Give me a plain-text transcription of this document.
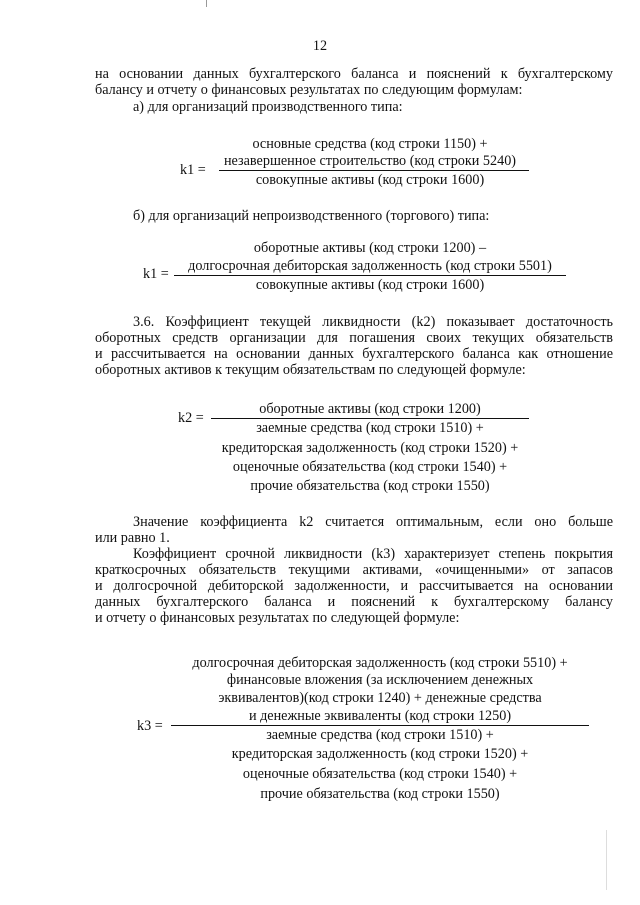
12
на основании данных бухгалтерского баланса и пояснений к бухгалтерскому
балансу и отчету о финансовых результатах по следующим формулам:
а) для организаций производственного типа:
k1 =
основные средства (код строки 1150) +
незавершенное строительство (код строки 5240)
совокупные активы (код строки 1600)
б) для организаций непроизводственного (торгового) типа:
k1 =
оборотные активы (код строки 1200) –
долгосрочная дебиторская задолженность (код строки 5501)
совокупные активы (код строки 1600)
3.6. Коэффициент текущей ликвидности (k2) показывает достаточность
оборотных средств организации для погашения своих текущих обязательств
и рассчитывается на основании данных бухгалтерского баланса как отношение
оборотных активов к текущим обязательствам по следующей формуле:
k2 =
оборотные активы (код строки 1200)
заемные средства (код строки 1510) +
кредиторская задолженность (код строки 1520) +
оценочные обязательства (код строки 1540) +
прочие обязательства (код строки 1550)
Значение коэффициента k2 считается оптимальным, если оно больше
или равно 1.
Коэффициент срочной ликвидности (k3) характеризует степень покрытия
краткосрочных обязательств текущими активами, «очищенными» от запасов
и долгосрочной дебиторской задолженности, и рассчитывается на основании
данных бухгалтерского баланса и пояснений к бухгалтерскому балансу
и отчету о финансовых результатах по следующей формуле:
k3 =
долгосрочная дебиторская задолженность (код строки 5510) +
финансовые вложения (за исключением денежных
эквивалентов)(код строки 1240) + денежные средства
и денежные эквиваленты (код строки 1250)
заемные средства (код строки 1510) +
кредиторская задолженность (код строки 1520) +
оценочные обязательства (код строки 1540) +
прочие обязательства (код строки 1550)
